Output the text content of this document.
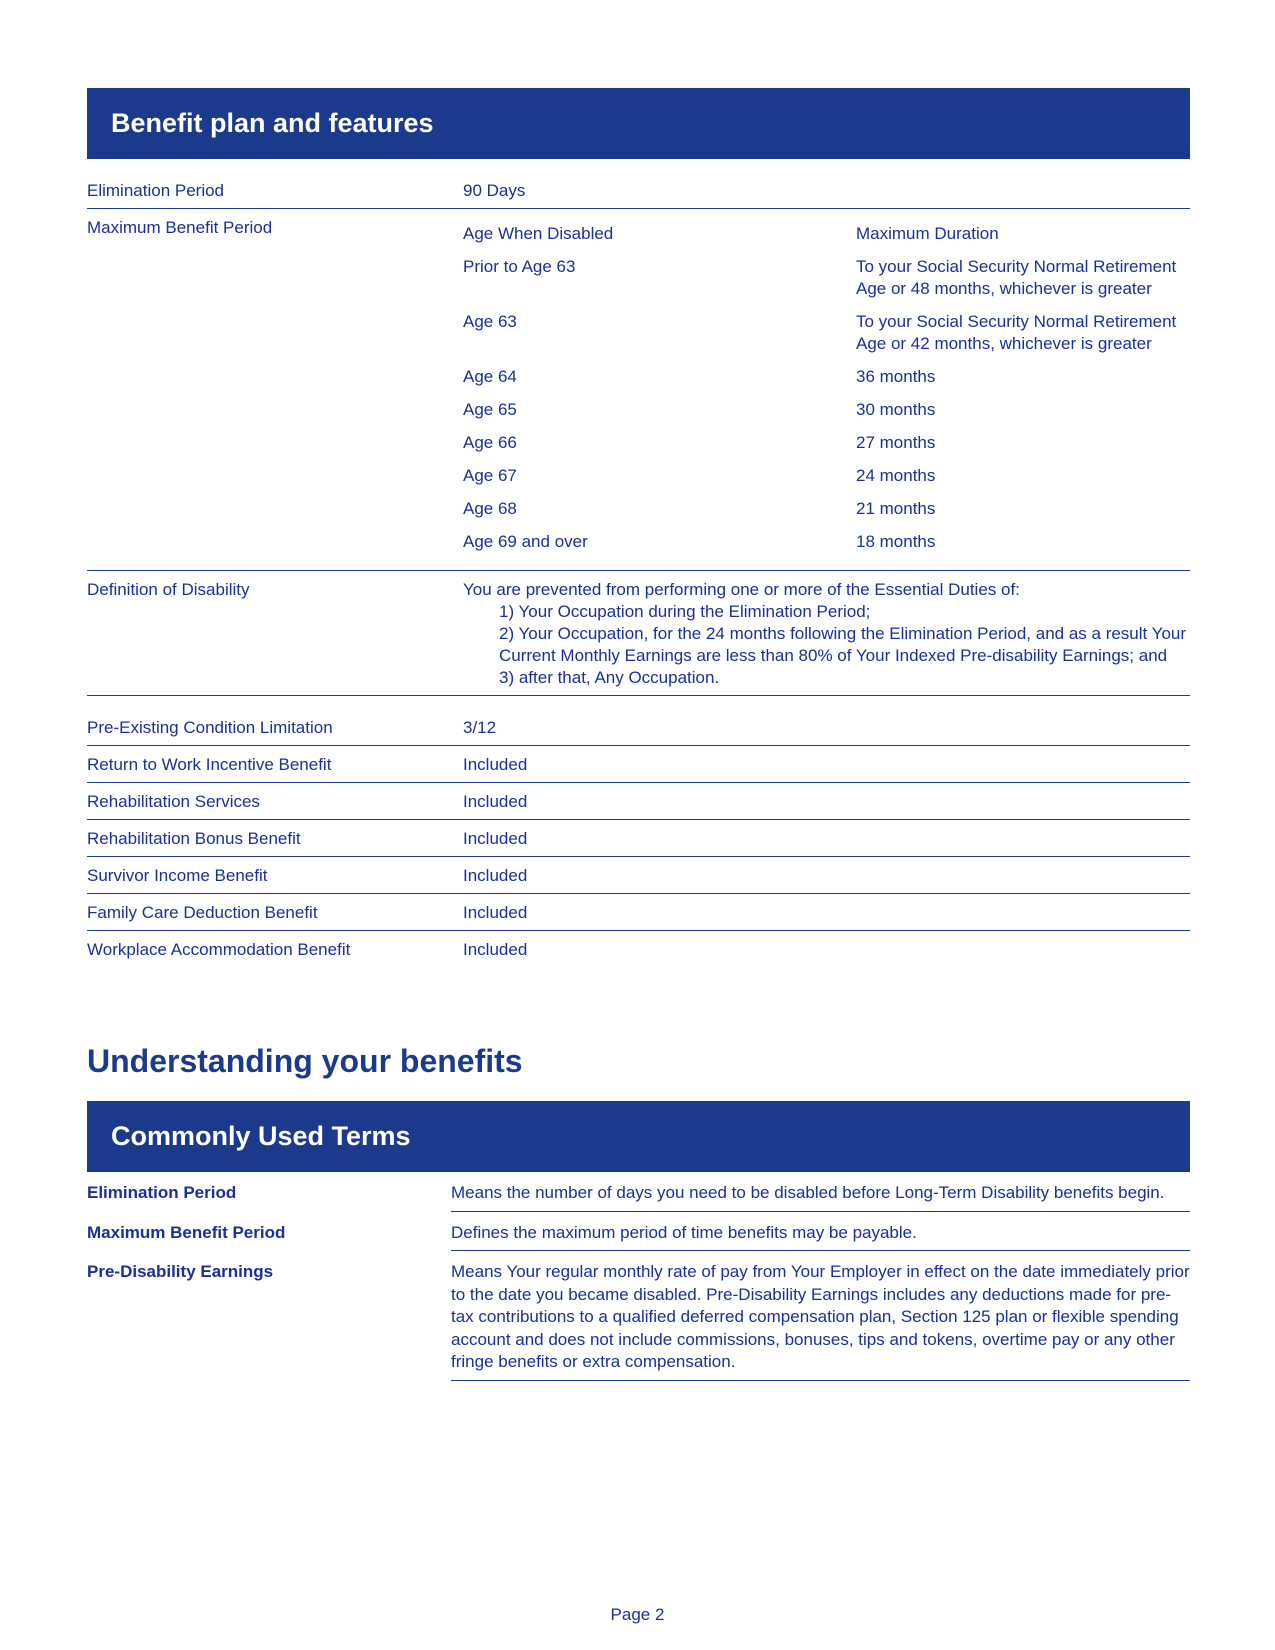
Benefit plan and features
Elimination Period	90 Days
Maximum Benefit Period	Age When Disabled	Maximum Duration
Prior to Age 63	To your Social Security Normal Retirement Age or 48 months, whichever is greater
Age 63	To your Social Security Normal Retirement Age or 42 months, whichever is greater
Age 64	36 months
Age 65	30 months
Age 66	27 months
Age 67	24 months
Age 68	21 months
Age 69 and over	18 months
Definition of Disability	You are prevented from performing one or more of the Essential Duties of:
1) Your Occupation during the Elimination Period;
2) Your Occupation, for the 24 months following the Elimination Period, and as a result Your Current Monthly Earnings are less than 80% of Your Indexed Pre-disability Earnings; and
3) after that, Any Occupation.
Pre-Existing Condition Limitation	3/12
Return to Work Incentive Benefit	Included
Rehabilitation Services	Included
Rehabilitation Bonus Benefit	Included
Survivor Income Benefit	Included
Family Care Deduction Benefit	Included
Workplace Accommodation Benefit	Included
Understanding your benefits
Commonly Used Terms
Elimination Period	Means the number of days you need to be disabled before Long-Term Disability benefits begin.
Maximum Benefit Period	Defines the maximum period of time benefits may be payable.
Pre-Disability Earnings	Means Your regular monthly rate of pay from Your Employer in effect on the date immediately prior to the date you became disabled. Pre-Disability Earnings includes any deductions made for pre-tax contributions to a qualified deferred compensation plan, Section 125 plan or flexible spending account and does not include commissions, bonuses, tips and tokens, overtime pay or any other fringe benefits or extra compensation.
Page 2
